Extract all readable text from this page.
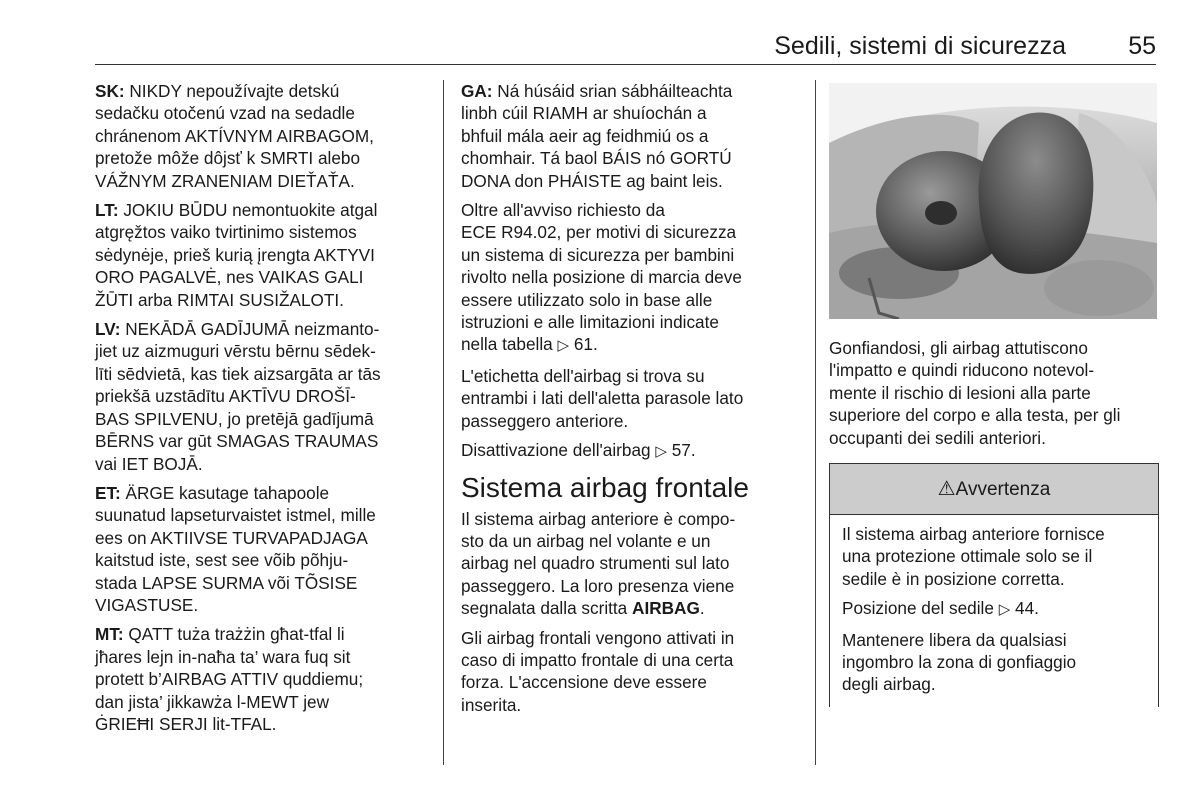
Sedili, sistemi di sicurezza 55

SK: NIKDY nepoužívajte detskú
sedačku otočenú vzad na sedadle
chránenom AKTÍVNYM AIRBAGOM,
pretože môže dôjsť k SMRTI alebo
VÁŽNYM ZRANENIAM DIEŤAŤA.

LT: JOKIU BŪDU nemontuokite atgal
atgręžtos vaiko tvirtinimo sistemos
sėdynėje, prieš kurią įrengta AKTYVI
ORO PAGALVĖ, nes VAIKAS GALI
ŽŪTI arba RIMTAI SUSIŽALOTI.

LV: NEKĀDĀ GADĪJUMĀ neizmanto-
jiet uz aizmuguri vērstu bērnu sēdek-
līti sēdvietā, kas tiek aizsargāta ar tās
priekšā uzstādītu AKTĪVU DROŠĪ-
BAS SPILVENU, jo pretējā gadījumā
BĒRNS var gūt SMAGAS TRAUMAS
vai IET BOJĀ.

ET: ÄRGE kasutage tahapoole
suunatud lapseturvaistet istmel, mille
ees on AKTIIVSE TURVAPADJAGA
kaitstud iste, sest see võib põhju-
stada LAPSE SURMA või TÕSISE
VIGASTUSE.

MT: QATT tuża trażżin għat-tfal li
jħares lejn in-naħa ta’ wara fuq sit
protett b’AIRBAG ATTIV quddiemu;
dan jista’ jikkawża l-MEWT jew
ĠRIEĦI SERJI lit-TFAL.

GA: Ná húsáid srian sábháilteachta
linbh cúil RIAMH ar shuíochán a
bhfuil mála aeir ag feidhmiú os a
chomhair. Tá baol BÁIS nó GORTÚ
DONA don PHÁISTE ag baint leis.

Oltre all'avviso richiesto da
ECE R94.02, per motivi di sicurezza
un sistema di sicurezza per bambini
rivolto nella posizione di marcia deve
essere utilizzato solo in base alle
istruzioni e alle limitazioni indicate
nella tabella ▷ 61.

L'etichetta dell'airbag si trova su
entrambi i lati dell'aletta parasole lato
passeggero anteriore.

Disattivazione dell'airbag ▷ 57.

Sistema airbag frontale

Il sistema airbag anteriore è compo-
sto da un airbag nel volante e un
airbag nel quadro strumenti sul lato
passeggero. La loro presenza viene
segnalata dalla scritta AIRBAG.

Gli airbag frontali vengono attivati in
caso di impatto frontale di una certa
forza. L'accensione deve essere
inserita.

Gonfiandosi, gli airbag attutiscono
l'impatto e quindi riducono notevol-
mente il rischio di lesioni alla parte
superiore del corpo e alla testa, per gli
occupanti dei sedili anteriori.

⚠Avvertenza

Il sistema airbag anteriore fornisce
una protezione ottimale solo se il
sedile è in posizione corretta.

Posizione del sedile ▷ 44.

Mantenere libera da qualsiasi
ingombro la zona di gonfiaggio
degli airbag.
